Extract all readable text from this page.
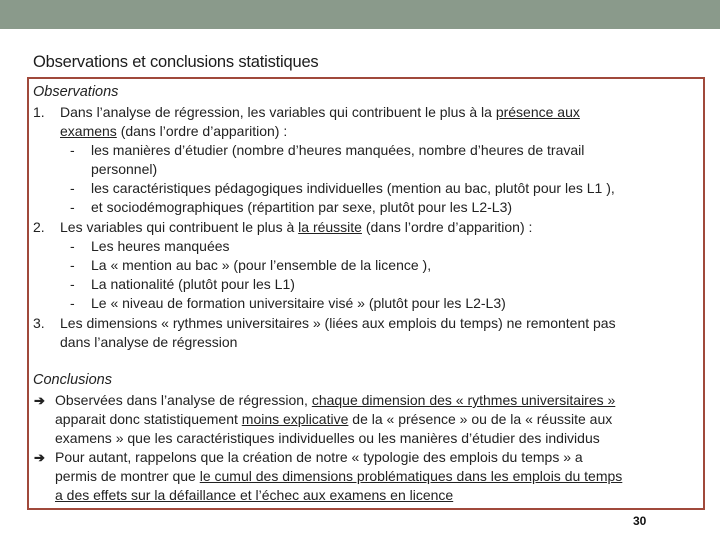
Observations et conclusions statistiques
Observations
1. Dans l’analyse de régression, les variables qui contribuent le plus à la présence aux
examens (dans l’ordre d’apparition) :
- les manières d’étudier (nombre d’heures manquées, nombre d’heures de travail
personnel)
- les caractéristiques pédagogiques individuelles (mention au bac, plutôt pour les L1 ),
- et sociodémographiques (répartition par sexe, plutôt pour les L2-L3)
2. Les variables qui contribuent le plus à la réussite (dans l’ordre d’apparition) :
- Les heures manquées
- La « mention au bac » (pour l’ensemble de la licence ),
- La nationalité (plutôt pour les L1)
- Le « niveau de formation universitaire visé » (plutôt pour les L2-L3)
3. Les dimensions « rythmes universitaires » (liées aux emplois du temps) ne remontent pas
dans l’analyse de régression
Conclusions
➔ Observées dans l’analyse de régression, chaque dimension des « rythmes universitaires »
apparait donc statistiquement moins explicative de la « présence » ou de la « réussite aux
examens » que les caractéristiques individuelles ou les manières d’étudier des individus
➔ Pour autant, rappelons que la création de notre « typologie des emplois du temps » a
permis de montrer que le cumul des dimensions problématiques dans les emplois du temps
a des effets sur la défaillance et l’échec aux examens en licence
30
